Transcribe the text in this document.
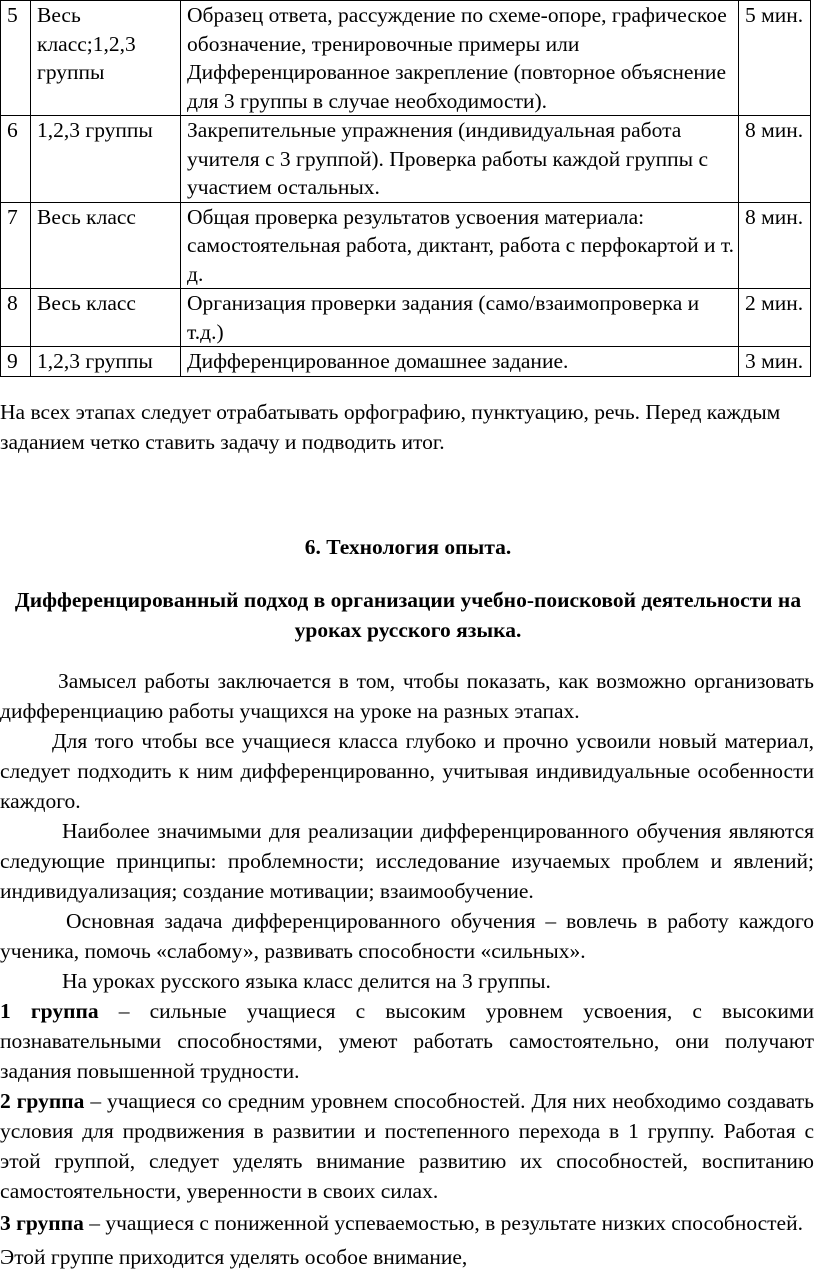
5	Весь класс;1,2,3 группы	Образец ответа, рассуждение по схеме-опоре, графическое обозначение, тренировочные примеры или Дифференцированное закрепление (повторное объяснение для 3 группы в случае необходимости).	5 мин.
6	1,2,3 группы	Закрепительные упражнения (индивидуальная работа учителя с 3 группой). Проверка работы каждой группы с участием остальных.	8 мин.
7	Весь класс	Общая проверка результатов усвоения материала: самостоятельная работа, диктант, работа с перфокартой и т. д.	8 мин.
8	Весь класс	Организация проверки задания (само/взаимопроверка и т.д.)	2 мин.
9	1,2,3 группы	Дифференцированное домашнее задание.	3 мин.

На всех этапах следует отрабатывать орфографию, пунктуацию, речь. Перед каждым заданием четко ставить задачу и подводить итог.

6. Технология опыта.
Дифференцированный подход в организации учебно-поисковой деятельности на уроках русского языка.

Замысел работы заключается в том, чтобы показать, как возможно организовать дифференциацию работы учащихся на уроке на разных этапах.

Для того чтобы все учащиеся класса глубоко и прочно усвоили новый материал, следует подходить к ним дифференцированно, учитывая индивидуальные особенности каждого.

Наиболее значимыми для реализации дифференцированного обучения являются следующие принципы: проблемности; исследование изучаемых проблем и явлений; индивидуализация; создание мотивации; взаимообучение.

Основная задача дифференцированного обучения – вовлечь в работу каждого ученика, помочь «слабому», развивать способности «сильных».

На уроках русского языка класс делится на 3 группы.

1 группа – сильные учащиеся с высоким уровнем усвоения, с высокими познавательными способностями, умеют работать самостоятельно, они получают задания повышенной трудности.

2 группа – учащиеся со средним уровнем способностей. Для них необходимо создавать условия для продвижения в развитии и постепенного перехода в 1 группу. Работая с этой группой, следует уделять внимание развитию их способностей, воспитанию самостоятельности, уверенности в своих силах.

3 группа – учащиеся с пониженной успеваемостью, в результате низких способностей. Этой группе приходится уделять особое внимание,
